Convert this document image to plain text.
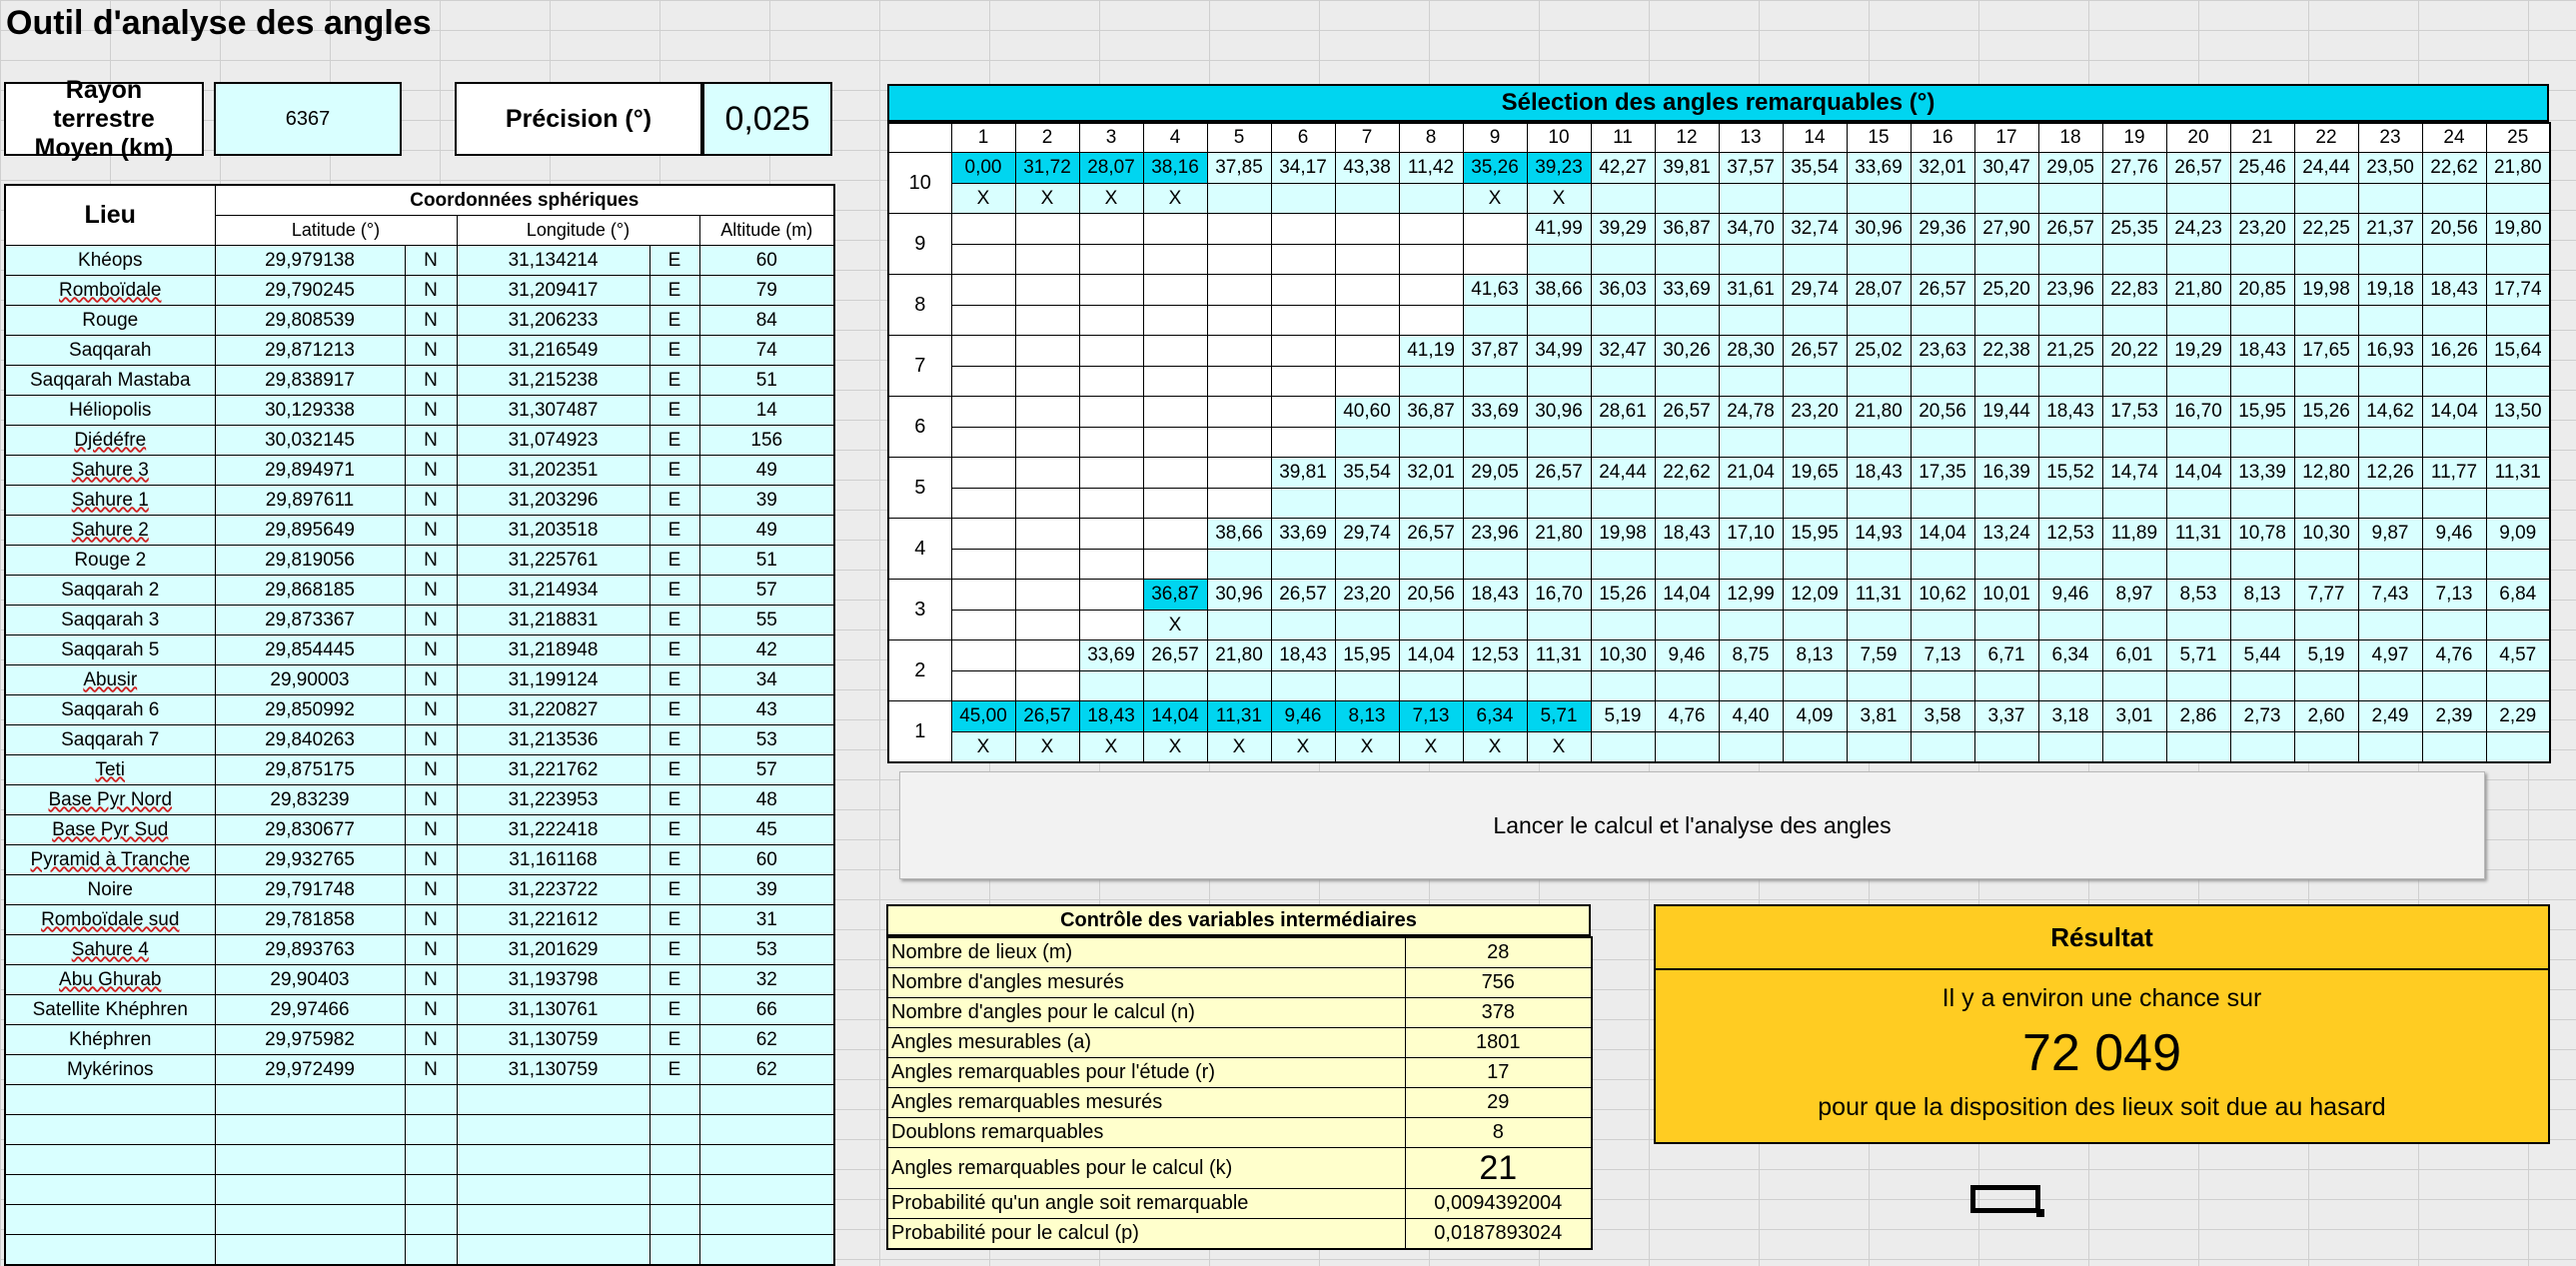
Outil d'analyse des angles
Rayon terrestre Moyen (km)
6367	Précision (°) 0,025
Lieu	Coordonnées sphériques				
	Latitude (°)		Longitude (°)		Altitude (m)
Khéops	29,979138	N	31,134214	E	60
Romboïdale	29,790245	N	31,209417	E	79
Rouge	29,808539	N	31,206233	E	84
Saqqarah	29,871213	N	31,216549	E	74
Saqqarah Mastaba	29,838917	N	31,215238	E	51
Héliopolis	30,129338	N	31,307487	E	14
Djédéfre	30,032145	N	31,074923	E	156
Sahure 3	29,894971	N	31,202351	E	49
Sahure 1	29,897611	N	31,203296	E	39
Sahure 2	29,895649	N	31,203518	E	49
Rouge 2	29,819056	N	31,225761	E	51
Saqqarah 2	29,868185	N	31,214934	E	57
Saqqarah 3	29,873367	N	31,218831	E	55
Saqqarah 5	29,854445	N	31,218948	E	42
Abusir	29,90003	N	31,199124	E	34
Saqqarah 6	29,850992	N	31,220827	E	43
Saqqarah 7	29,840263	N	31,213536	E	53
Teti	29,875175	N	31,221762	E	57
Base Pyr Nord	29,83239	N	31,223953	E	48
Base Pyr Sud	29,830677	N	31,222418	E	45
Pyramid à Tranche	29,932765	N	31,161168	E	60
Noire	29,791748	N	31,223722	E	39
Romboïdale sud	29,781858	N	31,221612	E	31
Sahure 4	29,893763	N	31,201629	E	53
Abu Ghurab	29,90403	N	31,193798	E	32
Satellite Khéphren	29,97466	N	31,130761	E	66
Khéphren	29,975982	N	31,130759	E	62
Mykérinos	29,972499	N	31,130759	E	62

Sélection des angles remarquables (°)
	1	2	3	4	5	6	7	8	9	10	11	12	13	14	15	16	17	18	19	20	21	22	23	24	25
10	0,00	31,72	28,07	38,16	37,85	34,17	43,38	11,42	35,26	39,23	42,27	39,81	37,57	35,54	33,69	32,01	30,47	29,05	27,76	26,57	25,46	24,44	23,50	22,62	21,80
	X	X	X	X					X	X															
9										41,99	39,29	36,87	34,70	32,74	30,96	29,36	27,90	26,57	25,35	24,23	23,20	22,25	21,37	20,56	19,80

8									41,63	38,66	36,03	33,69	31,61	29,74	28,07	26,57	25,20	23,96	22,83	21,80	20,85	19,98	19,18	18,43	17,74

7								41,19	37,87	34,99	32,47	30,26	28,30	26,57	25,02	23,63	22,38	21,25	20,22	19,29	18,43	17,65	16,93	16,26	15,64

6							40,60	36,87	33,69	30,96	28,61	26,57	24,78	23,20	21,80	20,56	19,44	18,43	17,53	16,70	15,95	15,26	14,62	14,04	13,50

5						39,81	35,54	32,01	29,05	26,57	24,44	22,62	21,04	19,65	18,43	17,35	16,39	15,52	14,74	14,04	13,39	12,80	12,26	11,77	11,31

4					38,66	33,69	29,74	26,57	23,96	21,80	19,98	18,43	17,10	15,95	14,93	14,04	13,24	12,53	11,89	11,31	10,78	10,30	9,87	9,46	9,09

3				36,87	30,96	26,57	23,20	20,56	18,43	16,70	15,26	14,04	12,99	12,09	11,31	10,62	10,01	9,46	8,97	8,53	8,13	7,77	7,43	7,13	6,84
				X																					
2			33,69	26,57	21,80	18,43	15,95	14,04	12,53	11,31	10,30	9,46	8,75	8,13	7,59	7,13	6,71	6,34	6,01	5,71	5,44	5,19	4,97	4,76	4,57

1	45,00	26,57	18,43	14,04	11,31	9,46	8,13	7,13	6,34	5,71	5,19	4,76	4,40	4,09	3,81	3,58	3,37	3,18	3,01	2,86	2,73	2,60	2,49	2,39	2,29
	X	X	X	X	X	X	X	X	X	X															
Lancer le calcul et l'analyse des angles
Contrôle des variables intermédiaires
Nombre de lieux (m)	28
Nombre d'angles mesurés	756
Nombre d'angles pour le calcul (n)	378
Angles mesurables (a)	1801
Angles remarquables pour l'étude (r)	17
Angles remarquables mesurés	29
Doublons remarquables	8
Angles remarquables pour le calcul (k)	21
Probabilité qu'un angle soit remarquable	0,0094392004
Probabilité pour le calcul (p)	0,0187893024
Résultat
Il y a environ une chance sur
72 049
pour que la disposition des lieux soit due au hasard
